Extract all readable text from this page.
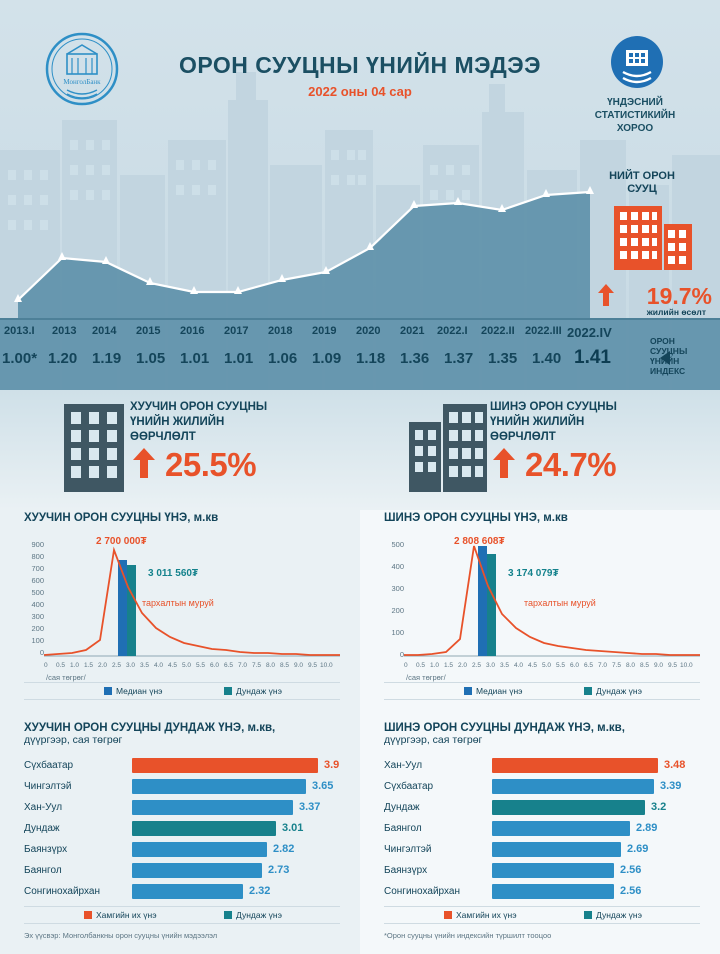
МонголБанк
ОРОН СУУЦНЫ ҮНИЙН МЭДЭЭ
2022 оны 04 сар
ҮНДЭСНИЙ
СТАТИСТИКИЙН
ХОРОО
НИЙТ ОРОН
СУУЦ
19.7%
жилийн өсөлт
ОРОН
СУУЦНЫ
ҮНИЙН
ИНДЕКС
2013.I 2013 2014 2015 2016 2017 2018 2019 2020 2021 2022.I 2022.II 2022.III 2022.IV
1.00* 1.20 1.19 1.05 1.01 1.01 1.06 1.09 1.18 1.36 1.37 1.35 1.40 1.41
ХУУЧИН ОРОН СУУЦНЫ
ҮНИЙН ЖИЛИЙН
ӨӨРЧЛӨЛТ
25.5%
ШИНЭ ОРОН СУУЦНЫ
ҮНИЙН ЖИЛИЙН
ӨӨРЧЛӨЛТ
24.7%
ХУУЧИН ОРОН СУУЦНЫ ҮНЭ, м.кв
900
800
700
600
500
400
300
200
100
0
2 700 000₮
3 011 560₮
тархалтын муруй
0 0.5 1.0 1.5 2.0 2.5 3.0 3.5 4.0 4.5 5.0 5.5 6.0 6.5 7.0 7.5 8.0 8.5 9.0 9.5 10.0
/сая төгрөг/
Медиан үнэ	Дундаж үнэ
ХУУЧИН ОРОН СУУЦНЫ ДУНДАЖ ҮНЭ, м.кв,
дүүргээр, сая төгрөг
Сүхбаатар	3.9
Чингэлтэй	3.65
Хан-Уул	3.37
Дундаж	3.01
Баянзүрх	2.82
Баянгол	2.73
Сонгинохайрхан	2.32
Хамгийн их үнэ	Дундаж үнэ
Эх үүсвэр: Монголбанкны орон сууцны үнийн мэдээлэл
ШИНЭ ОРОН СУУЦНЫ ҮНЭ, м.кв
500
400
300
200
100
0
2 808 608₮
3 174 079₮
тархалтын муруй
0 0.5 1.0 1.5 2.0 2.5 3.0 3.5 4.0 4.5 5.0 5.5 6.0 6.5 7.0 7.5 8.0 8.5 9.0 9.5 10.0
/сая төгрөг/
Медиан үнэ	Дундаж үнэ
ШИНЭ ОРОН СУУЦНЫ ДУНДАЖ ҮНЭ, м.кв,
дүүргээр, сая төгрөг
Хан-Уул	3.48
Сүхбаатар	3.39
Дундаж	3.2
Баянгол	2.89
Чингэлтэй	2.69
Баянзүрх	2.56
Сонгинохайрхан	2.56
Хамгийн их үнэ	Дундаж үнэ
*Орон сууцны үнийн индексийн түршилт тооцоо
